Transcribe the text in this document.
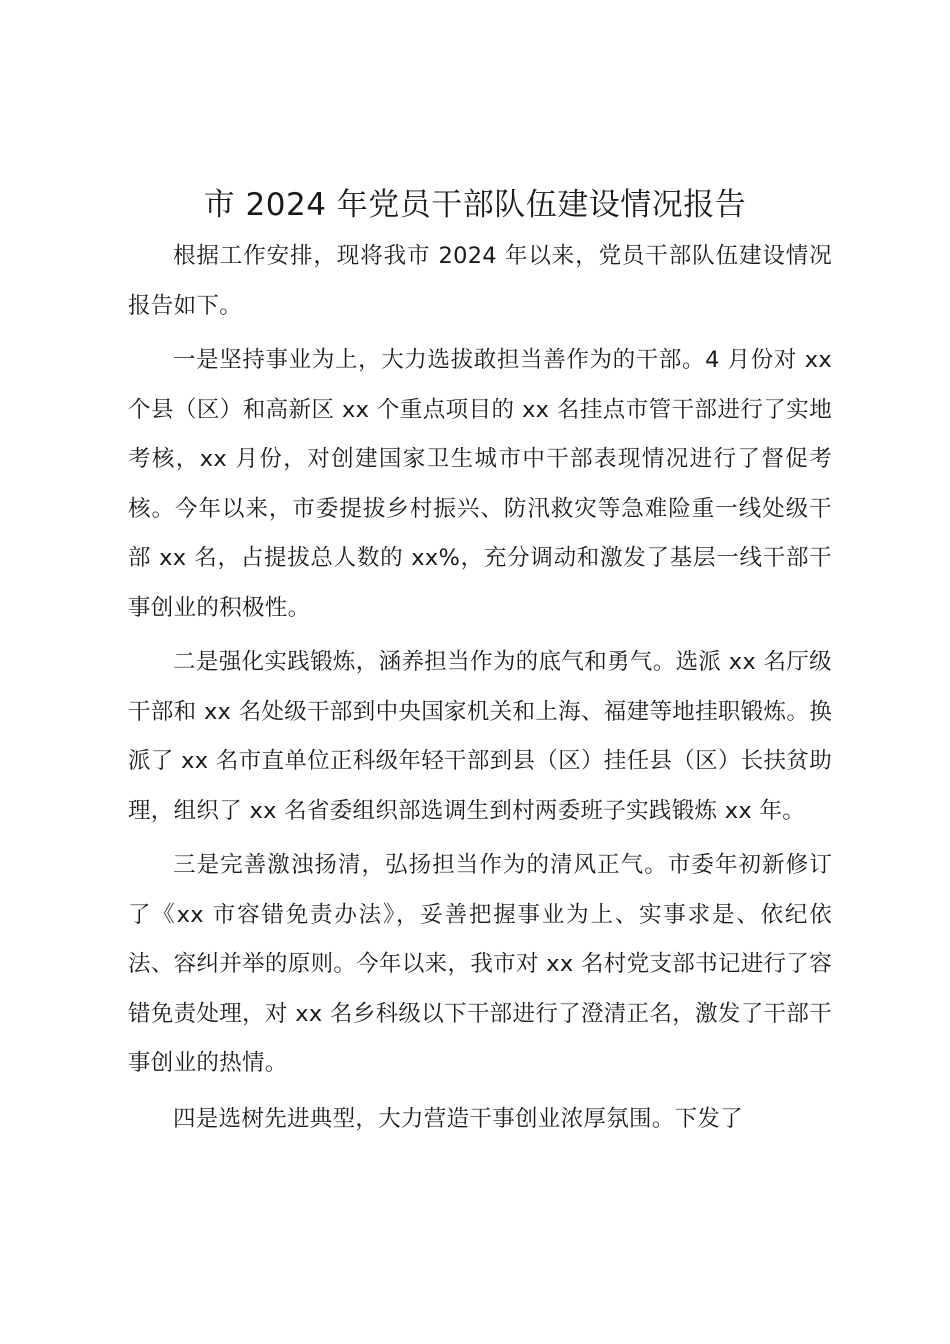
市 2024 年党员干部队伍建设情况报告

根据工作安排，现将我市 2024 年以来，党员干部队伍建设情况报告如下。

一是坚持事业为上，大力选拔敢担当善作为的干部。4 月份对 xx 个县（区）和高新区 xx 个重点项目的 xx 名挂点市管干部进行了实地考核，xx 月份，对创建国家卫生城市中干部表现情况进行了督促考核。今年以来，市委提拔乡村振兴、防汛救灾等急难险重一线处级干部 xx 名，占提拔总人数的 xx%，充分调动和激发了基层一线干部干事创业的积极性。

二是强化实践锻炼，涵养担当作为的底气和勇气。选派 xx 名厅级干部和 xx 名处级干部到中央国家机关和上海、福建等地挂职锻炼。换派了 xx 名市直单位正科级年轻干部到县（区）挂任县（区）长扶贫助理，组织了 xx 名省委组织部选调生到村两委班子实践锻炼 xx 年。

三是完善激浊扬清，弘扬担当作为的清风正气。市委年初新修订了《xx 市容错免责办法》，妥善把握事业为上、实事求是、依纪依法、容纠并举的原则。今年以来，我市对 xx 名村党支部书记进行了容错免责处理，对 xx 名乡科级以下干部进行了澄清正名，激发了干部干事创业的热情。

四是选树先进典型，大力营造干事创业浓厚氛围。下发了
